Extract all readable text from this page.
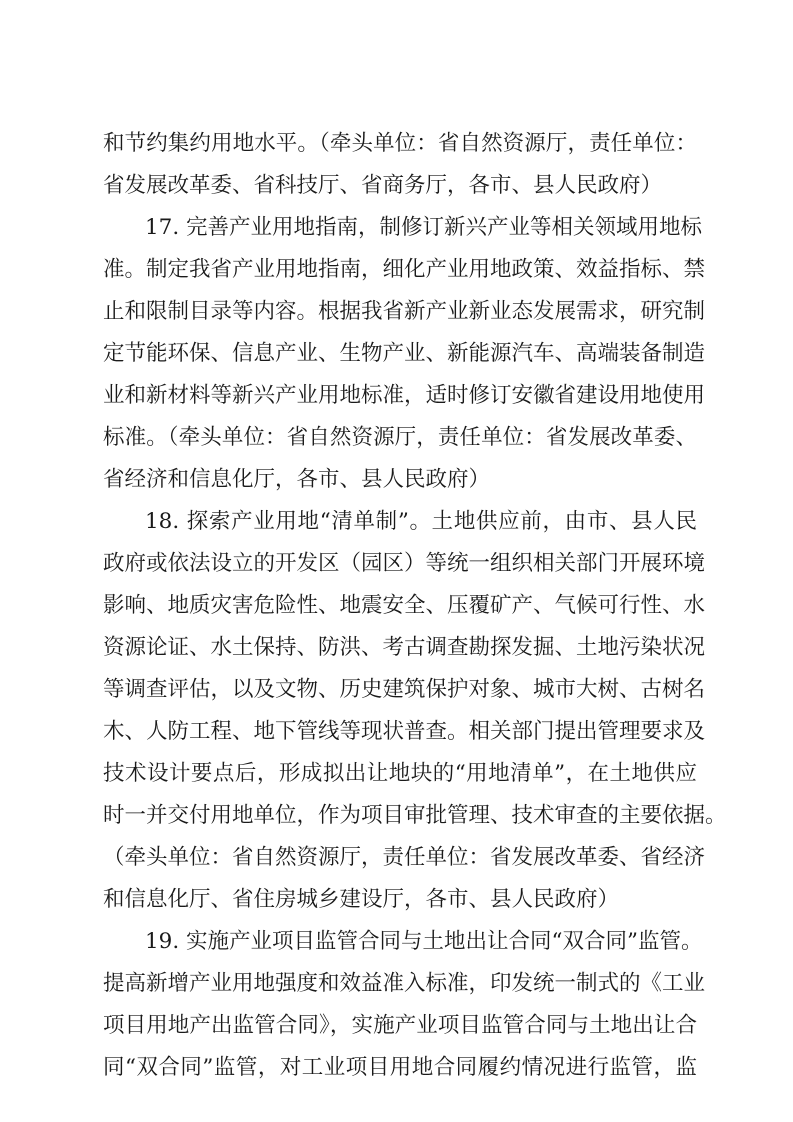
和节约集约用地水平。（牵头单位：省自然资源厅，责任单位：
省发展改革委、省科技厅、省商务厅，各市、县人民政府）
17. 完善产业用地指南，制修订新兴产业等相关领域用地标
准。制定我省产业用地指南，细化产业用地政策、效益指标、禁
止和限制目录等内容。根据我省新产业新业态发展需求，研究制
定节能环保、信息产业、生物产业、新能源汽车、高端装备制造
业和新材料等新兴产业用地标准，适时修订安徽省建设用地使用
标准。（牵头单位：省自然资源厅，责任单位：省发展改革委、
省经济和信息化厅，各市、县人民政府）
18. 探索产业用地“清单制”。土地供应前，由市、县人民
政府或依法设立的开发区（园区）等统一组织相关部门开展环境
影响、地质灾害危险性、地震安全、压覆矿产、气候可行性、水
资源论证、水土保持、防洪、考古调查勘探发掘、土地污染状况
等调查评估，以及文物、历史建筑保护对象、城市大树、古树名
木、人防工程、地下管线等现状普查。相关部门提出管理要求及
技术设计要点后，形成拟出让地块的“用地清单”，在土地供应
时一并交付用地单位，作为项目审批管理、技术审查的主要依据。
（牵头单位：省自然资源厅，责任单位：省发展改革委、省经济
和信息化厅、省住房城乡建设厅，各市、县人民政府）
19. 实施产业项目监管合同与土地出让合同“双合同”监管。
提高新增产业用地强度和效益准入标准，印发统一制式的《工业
项目用地产出监管合同》，实施产业项目监管合同与土地出让合
同“双合同”监管，对工业项目用地合同履约情况进行监管，监
